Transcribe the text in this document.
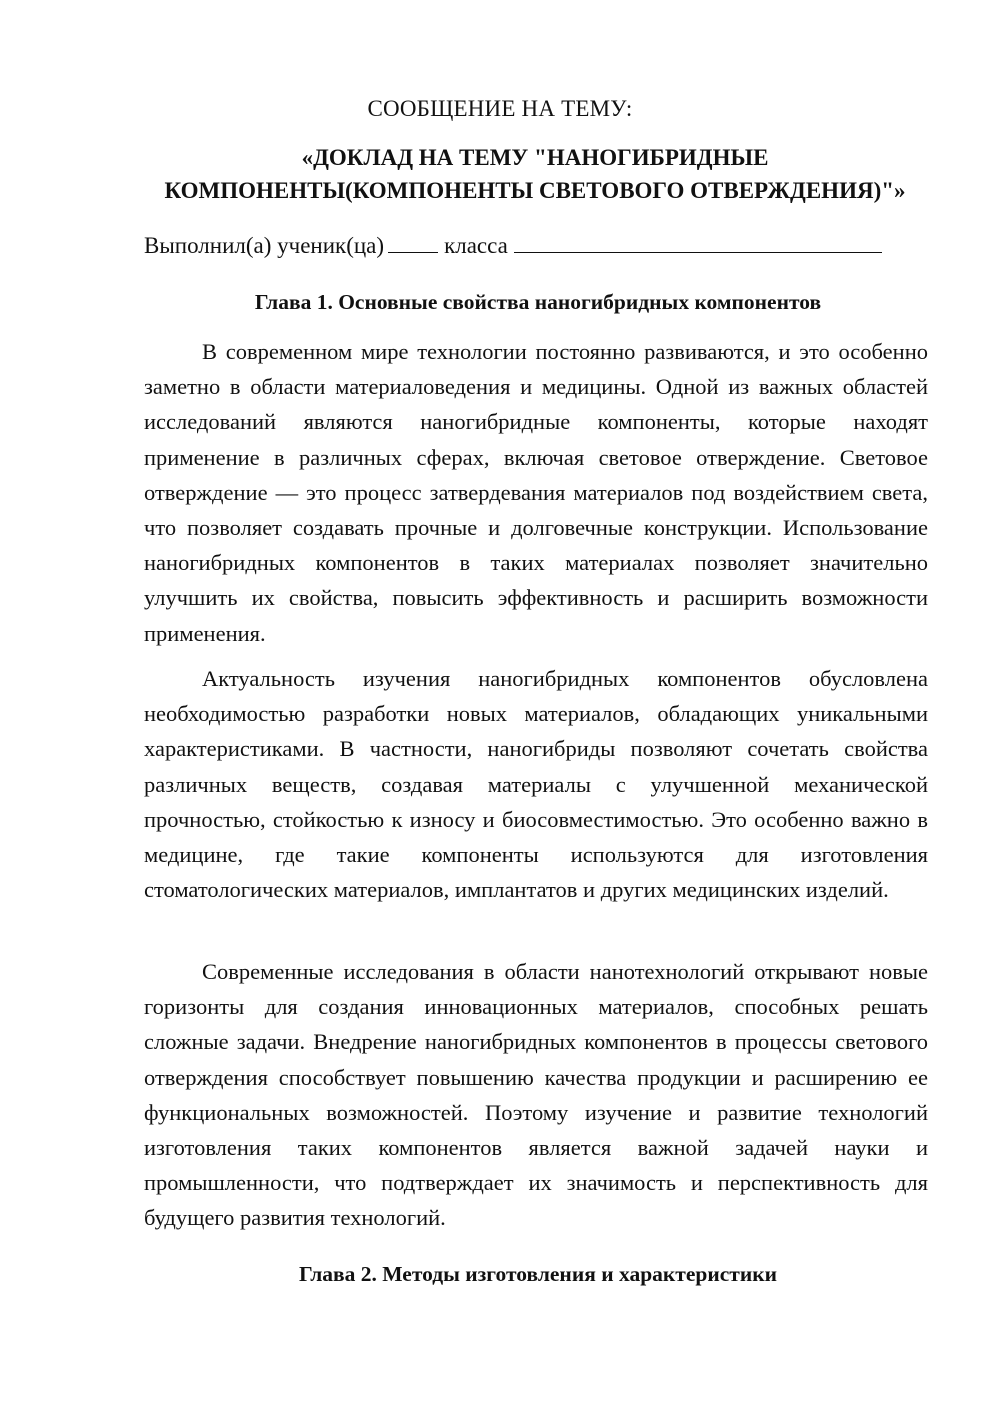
СООБЩЕНИЕ НА ТЕМУ:
«ДОКЛАД НА ТЕМУ "НАНОГИБРИДНЫЕ КОМПОНЕНТЫ(КОМПОНЕНТЫ СВЕТОВОГО ОТВЕРЖДЕНИЯ)"»
Выполнил(а) ученик(ца)	класса
Глава 1. Основные свойства наногибридных компонентов

В современном мире технологии постоянно развиваются, и это особенно заметно в области материаловедения и медицины. Одной из важных областей исследований являются наногибридные компоненты, которые находят применение в различных сферах, включая световое отверждение. Световое отверждение — это процесс затвердевания материалов под воздействием света, что позволяет создавать прочные и долговечные конструкции. Использование наногибридных компонентов в таких материалах позволяет значительно улучшить их свойства, повысить эффективность и расширить возможности применения.

Актуальность изучения наногибридных компонентов обусловлена необходимостью разработки новых материалов, обладающих уникальными характеристиками. В частности, наногибриды позволяют сочетать свойства различных веществ, создавая материалы с улучшенной механической прочностью, стойкостью к износу и биосовместимостью. Это особенно важно в медицине, где такие компоненты используются для изготовления стоматологических материалов, имплантатов и других медицинских изделий.

Современные исследования в области нанотехнологий открывают новые горизонты для создания инновационных материалов, способных решать сложные задачи. Внедрение наногибридных компонентов в процессы светового отверждения способствует повышению качества продукции и расширению ее функциональных возможностей. Поэтому изучение и развитие технологий изготовления таких компонентов является важной задачей науки и промышленности, что подтверждает их значимость и перспективность для будущего развития технологий.

Глава 2. Методы изготовления и характеристики
